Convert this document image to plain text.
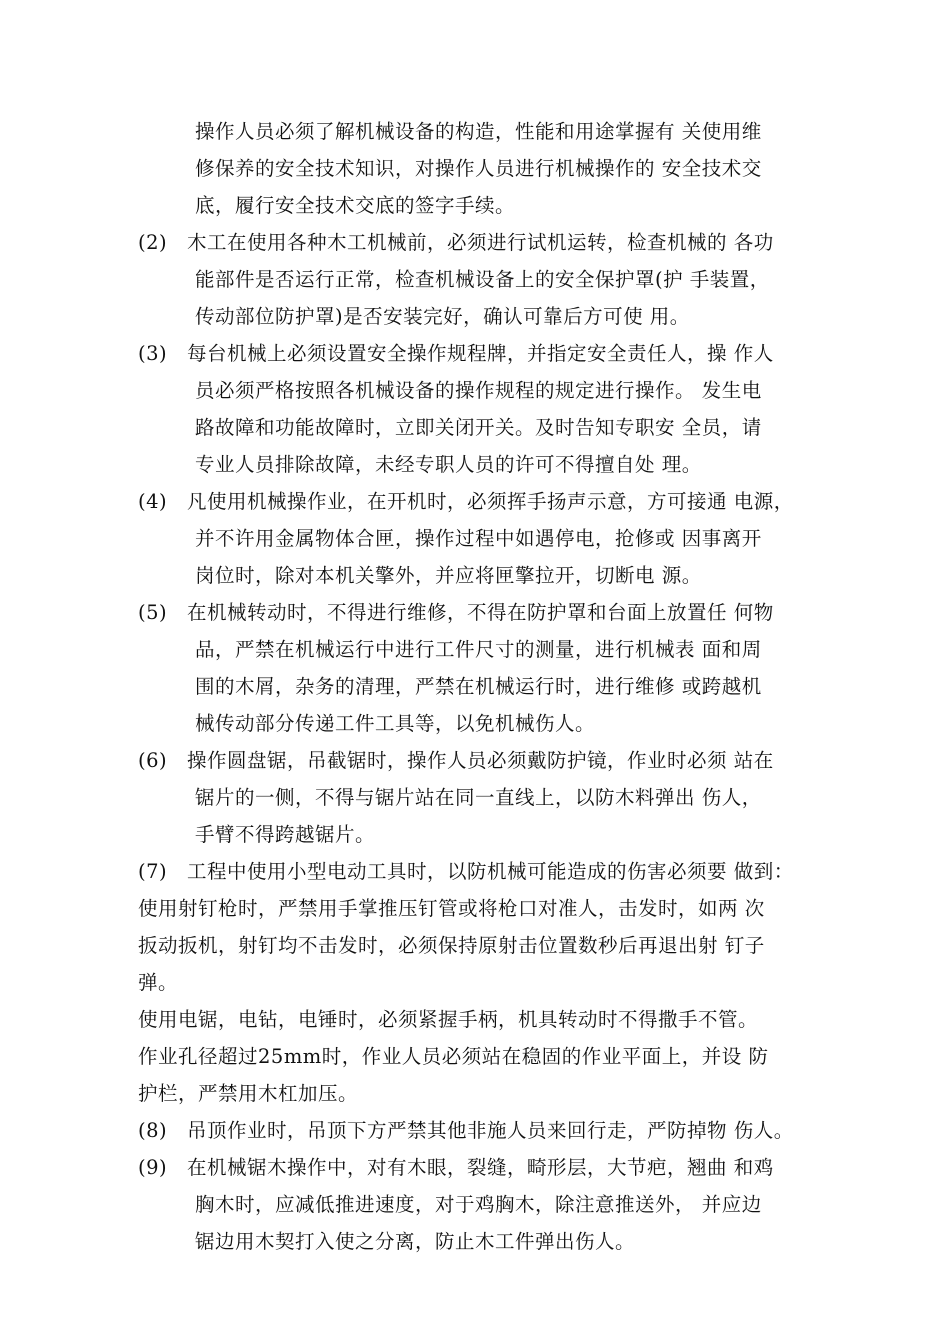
操作人员必须了解机械设备的构造，性能和用途掌握有 关使用维
修保养的安全技术知识，对操作人员进行机械操作的 安全技术交
底，履行安全技术交底的签字手续。
(2) 木工在使用各种木工机械前，必须进行试机运转，检查机械的 各功
能部件是否运行正常，检查机械设备上的安全保护罩(护 手装置，
传动部位防护罩)是否安装完好，确认可靠后方可使 用。
(3) 每台机械上必须设置安全操作规程牌，并指定安全责任人，操 作人
员必须严格按照各机械设备的操作规程的规定进行操作。 发生电
路故障和功能故障时，立即关闭开关。及时告知专职安 全员，请
专业人员排除故障，未经专职人员的许可不得擅自处 理。
(4) 凡使用机械操作业，在开机时，必须挥手扬声示意，方可接通 电源，
并不许用金属物体合匣，操作过程中如遇停电，抢修或 因事离开
岗位时，除对本机关擎外，并应将匣擎拉开，切断电 源。
(5) 在机械转动时，不得进行维修，不得在防护罩和台面上放置任 何物
品，严禁在机械运行中进行工件尺寸的测量，进行机械表 面和周
围的木屑，杂务的清理，严禁在机械运行时，进行维修 或跨越机
械传动部分传递工件工具等，以免机械伤人。
(6) 操作圆盘锯，吊截锯时，操作人员必须戴防护镜，作业时必须 站在
锯片的一侧，不得与锯片站在同一直线上，以防木料弹出 伤人，
手臂不得跨越锯片。
(7) 工程中使用小型电动工具时，以防机械可能造成的伤害必须要 做到：
使用射钉枪时，严禁用手掌推压钉管或将枪口对准人，击发时，如两 次
扳动扳机，射钉均不击发时，必须保持原射击位置数秒后再退出射 钉子
弹。
使用电锯，电钻，电锤时，必须紧握手柄，机具转动时不得撒手不管。
作业孔径超过25mm时，作业人员必须站在稳固的作业平面上，并设 防
护栏，严禁用木杠加压。
(8) 吊顶作业时，吊顶下方严禁其他非施人员来回行走，严防掉物 伤人。
(9) 在机械锯木操作中，对有木眼，裂缝，畸形层，大节疤，翘曲 和鸡
胸木时，应减低推进速度，对于鸡胸木，除注意推送外， 并应边
锯边用木契打入使之分离，防止木工件弹出伤人。
